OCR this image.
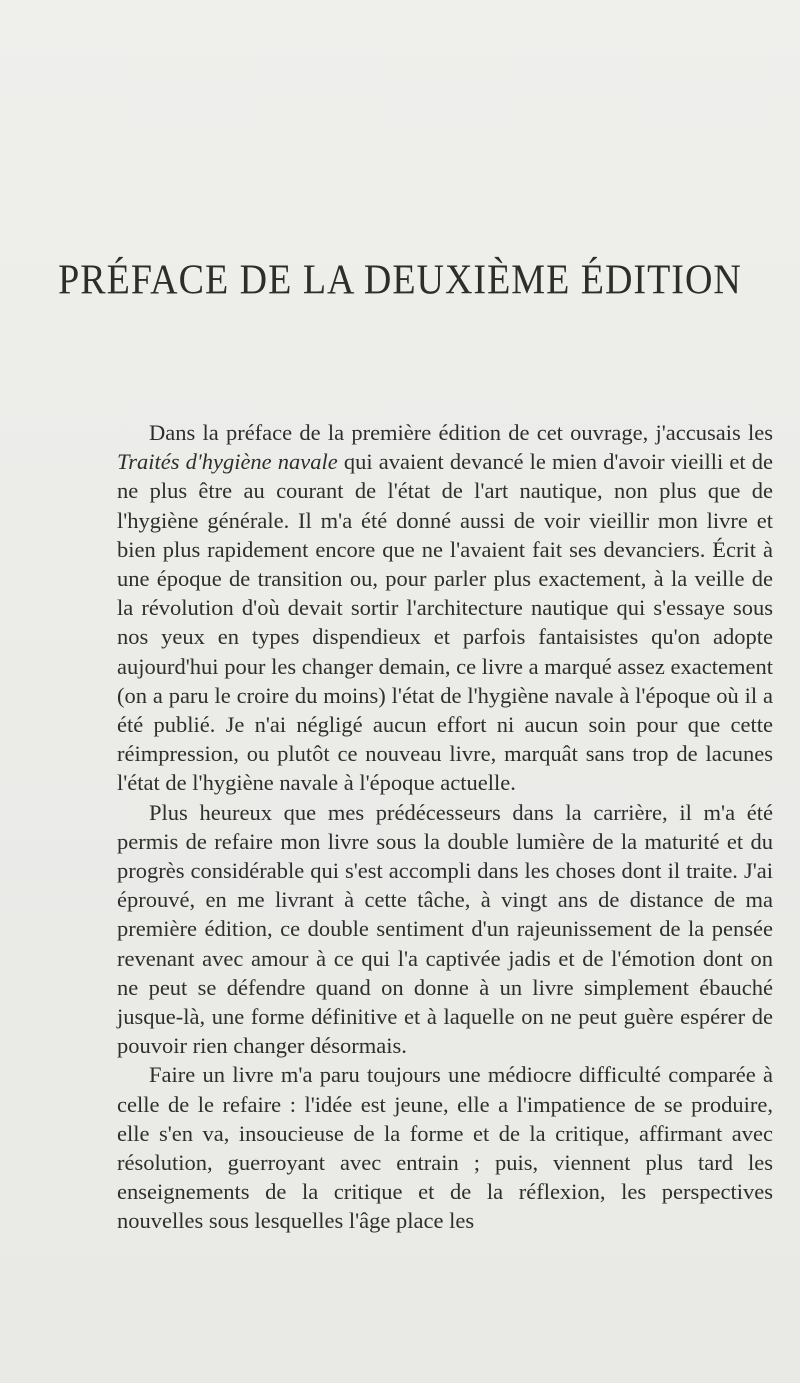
PRÉFACE DE LA DEUXIÈME ÉDITION

Dans la préface de la première édition de cet ouvrage, j'accusais les Traités d'hygiène navale qui avaient devancé le mien d'avoir vieilli et de ne plus être au courant de l'état de l'art nautique, non plus que de l'hygiène générale. Il m'a été donné aussi de voir vieillir mon livre et bien plus rapidement encore que ne l'avaient fait ses devanciers. Écrit à une époque de transition ou, pour parler plus exactement, à la veille de la révolution d'où devait sortir l'architecture nautique qui s'essaye sous nos yeux en types dispendieux et parfois fantaisistes qu'on adopte aujourd'hui pour les changer demain, ce livre a marqué assez exactement (on a paru le croire du moins) l'état de l'hygiène navale à l'époque où il a été publié. Je n'ai négligé aucun effort ni aucun soin pour que cette réimpression, ou plutôt ce nouveau livre, marquât sans trop de lacunes l'état de l'hygiène navale à l'époque actuelle.

Plus heureux que mes prédécesseurs dans la carrière, il m'a été permis de refaire mon livre sous la double lumière de la maturité et du progrès considérable qui s'est accompli dans les choses dont il traite. J'ai éprouvé, en me livrant à cette tâche, à vingt ans de distance de ma première édition, ce double sentiment d'un rajeunissement de la pensée revenant avec amour à ce qui l'a captivée jadis et de l'émotion dont on ne peut se défendre quand on donne à un livre simplement ébauché jusque-là, une forme définitive et à laquelle on ne peut guère espérer de pouvoir rien changer désormais.

Faire un livre m'a paru toujours une médiocre difficulté comparée à celle de le refaire : l'idée est jeune, elle a l'impatience de se produire, elle s'en va, insoucieuse de la forme et de la critique, affirmant avec résolution, guerroyant avec entrain ; puis, viennent plus tard les enseignements de la critique et de la réflexion, les perspectives nouvelles sous lesquelles l'âge place les
